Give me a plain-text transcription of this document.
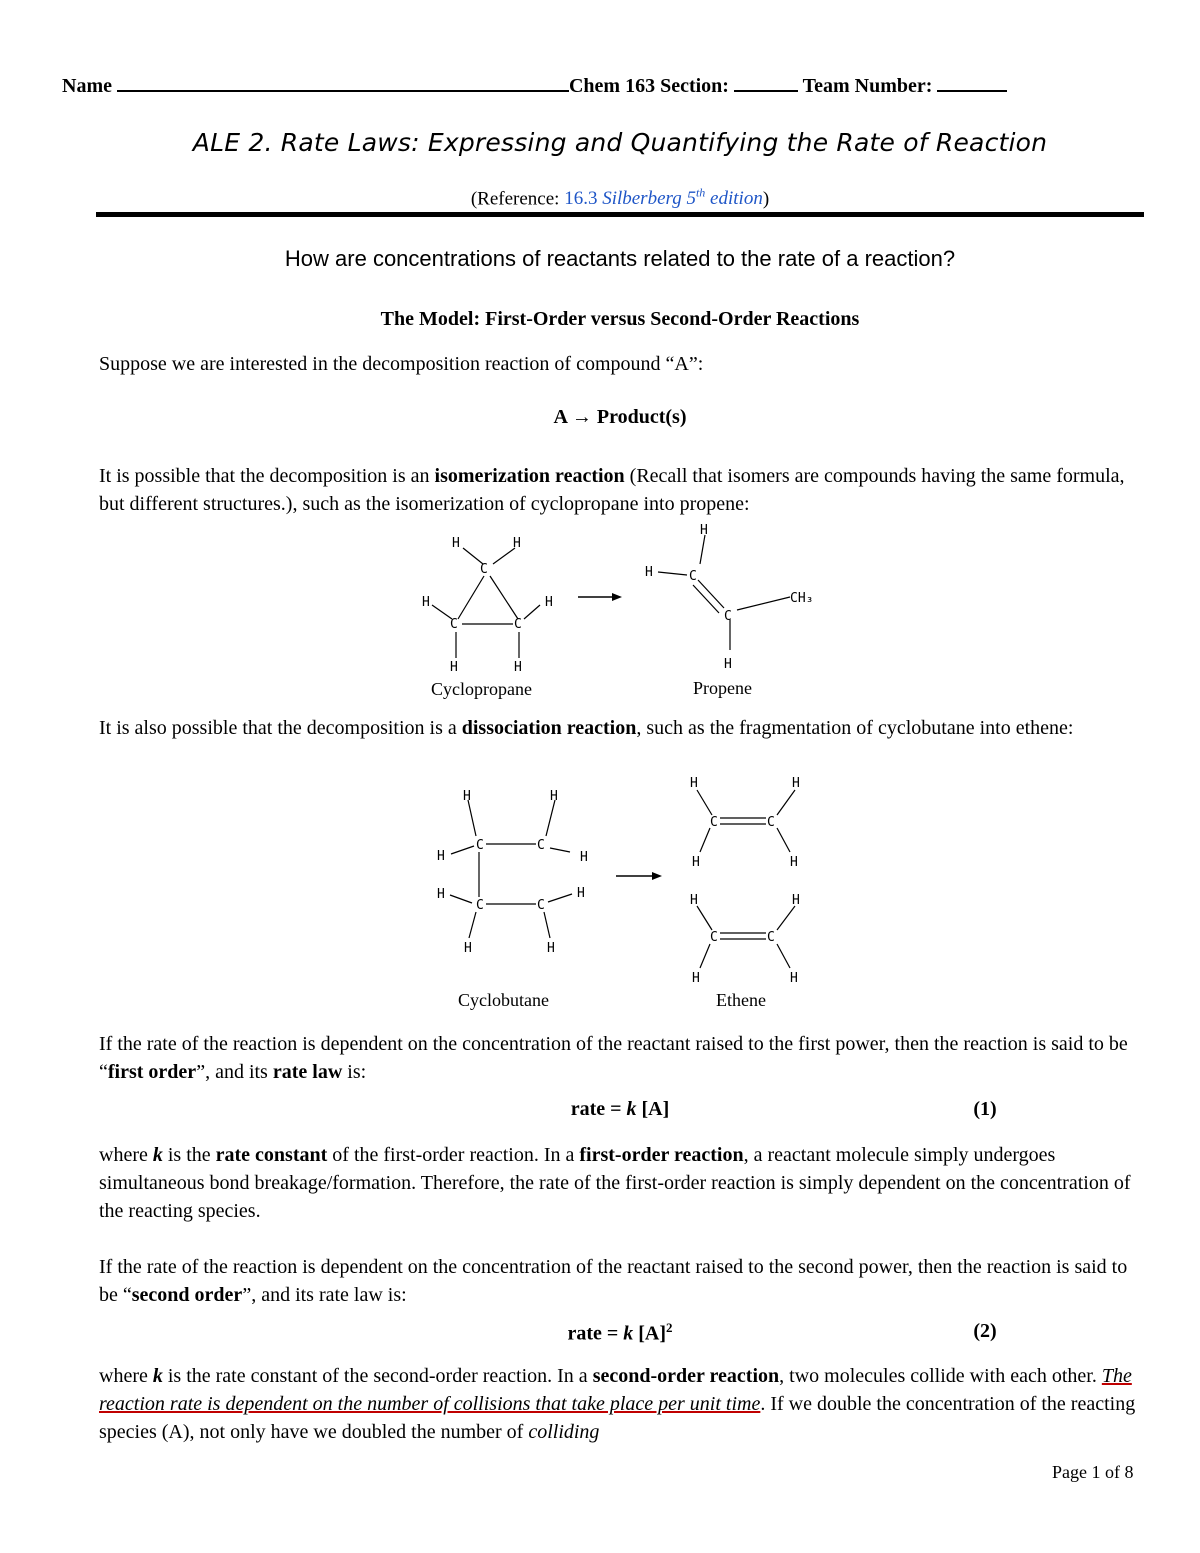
Name	Chem 163 Section:	Team Number:
ALE 2. Rate Laws: Expressing and Quantifying the Rate of Reaction
(Reference: 16.3 Silberberg 5th edition)
How are concentrations of reactants related to the rate of a reaction?
The Model: First-Order versus Second-Order Reactions

Suppose we are interested in the decomposition reaction of compound “A”:

A → Product(s)

It is possible that the decomposition is an isomerization reaction (Recall that isomers are compounds having the same formula, but different structures.), such as the isomerization of cyclopropane into propene:

H	H
C
H	H
C	C
H	H
H
H	C
C
CH₃
H
Cyclopropane	Propene

It is also possible that the decomposition is a dissociation reaction, such as the fragmentation of cyclobutane into ethene:

H	H
H
C	C
H
H
C	C
H
H	H
H	H
C	C
H	H
H	H
C	C
H	H
Cyclobutane	Ethene

If the rate of the reaction is dependent on the concentration of the reactant raised to the first power, then the reaction is said to be “first order”, and its rate law is:

rate = k [A]	(1)

where k is the rate constant of the first-order reaction. In a first-order reaction, a reactant molecule simply undergoes simultaneous bond breakage/formation. Therefore, the rate of the first-order reaction is simply dependent on the concentration of the reacting species.

If the rate of the reaction is dependent on the concentration of the reactant raised to the second power, then the reaction is said to be “second order”, and its rate law is:

rate = k $[A]^2$	(2)

where k is the rate constant of the second-order reaction. In a second-order reaction, two molecules collide with each other. The reaction rate is dependent on the number of collisions that take place per unit time. If we double the concentration of the reacting species (A), not only have we doubled the number of colliding

Page 1 of 8
